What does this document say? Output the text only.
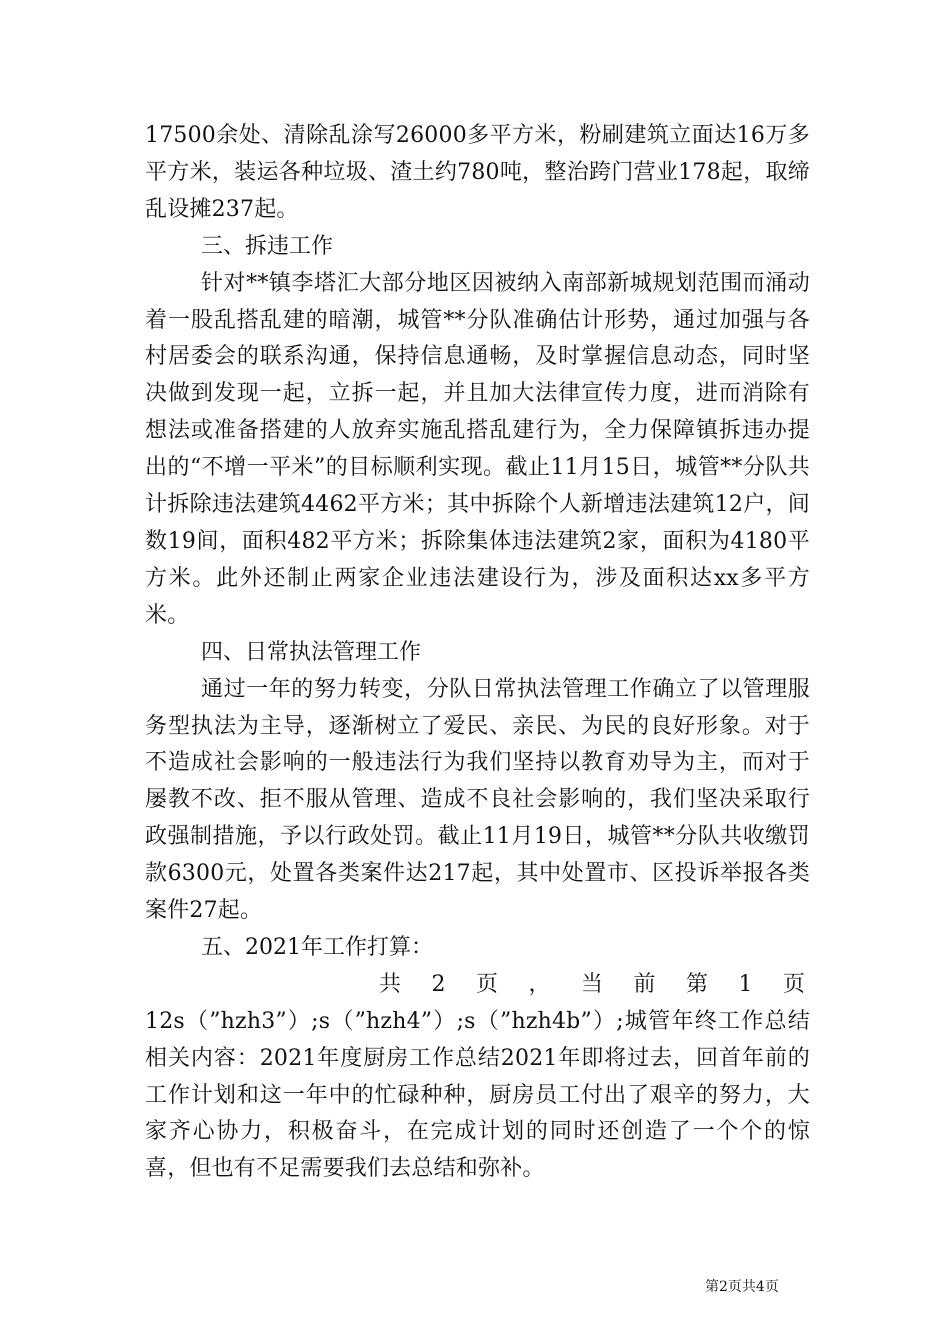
17500余处、清除乱涂写26000多平方米，粉刷建筑立面达16万多平方米，装运各种垃圾、渣土约780吨，整治跨门营业178起，取缔乱设摊237起。

三、拆违工作

针对**镇李塔汇大部分地区因被纳入南部新城规划范围而涌动着一股乱搭乱建的暗潮，城管**分队准确估计形势，通过加强与各村居委会的联系沟通，保持信息通畅，及时掌握信息动态，同时坚决做到发现一起，立拆一起，并且加大法律宣传力度，进而消除有想法或准备搭建的人放弃实施乱搭乱建行为，全力保障镇拆违办提出的“不增一平米”的目标顺利实现。截止11月15日，城管**分队共计拆除违法建筑4462平方米；其中拆除个人新增违法建筑12户，间数19间，面积482平方米；拆除集体违法建筑2家，面积为4180平方米。此外还制止两家企业违法建设行为，涉及面积达xx多平方米。

四、日常执法管理工作

通过一年的努力转变，分队日常执法管理工作确立了以管理服务型执法为主导，逐渐树立了爱民、亲民、为民的良好形象。对于不造成社会影响的一般违法行为我们坚持以教育劝导为主，而对于屡教不改、拒不服从管理、造成不良社会影响的，我们坚决采取行政强制措施，予以行政处罚。截止11月19日，城管**分队共收缴罚款6300元，处置各类案件达217起，其中处置市、区投诉举报各类案件27起。

五、2021年工作打算：

共 2 页 ， 当 前 第 1 页

12s（”hzh3”）;s（”hzh4”）;s（”hzh4b”）;城管年终工作总结相关内容：2021年度厨房工作总结2021年即将过去，回首年前的工作计划和这一年中的忙碌种种，厨房员工付出了艰辛的努力，大家齐心协力，积极奋斗，在完成计划的同时还创造了一个个的惊喜，但也有不足需要我们去总结和弥补。

第2页共4页
